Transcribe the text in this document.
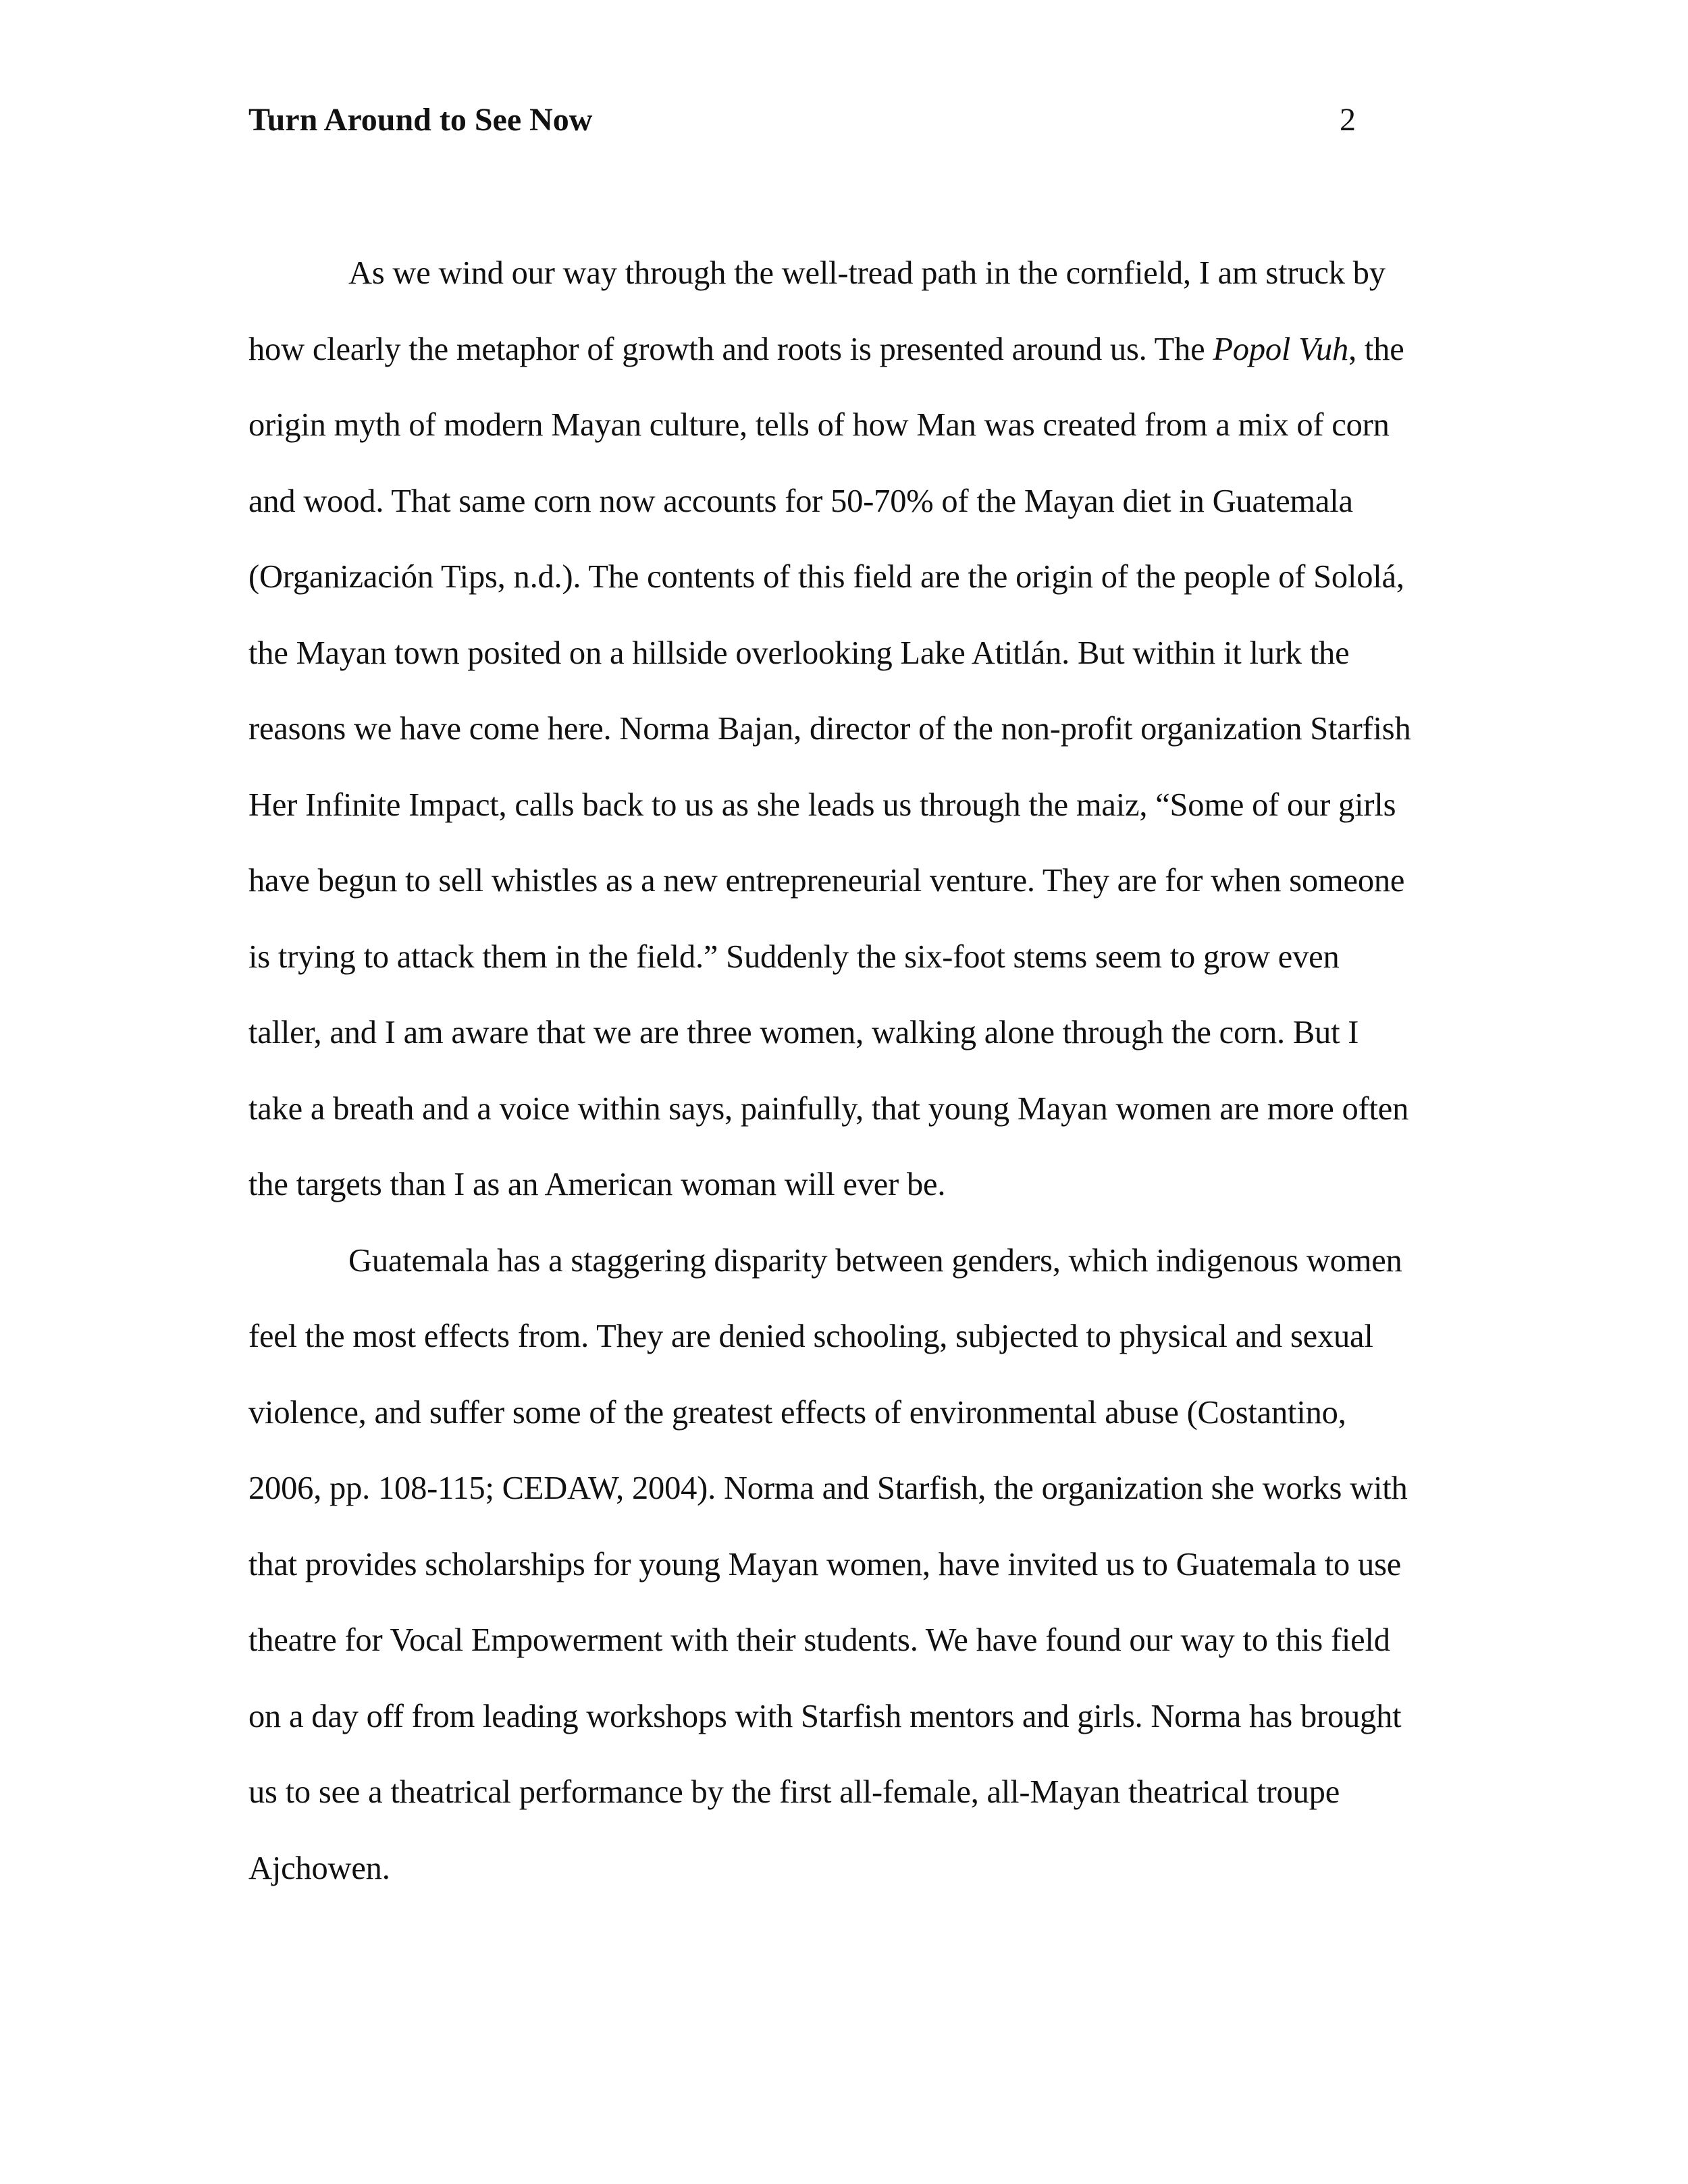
Turn Around to See Now	2
As we wind our way through the well-tread path in the cornfield, I am struck by
how clearly the metaphor of growth and roots is presented around us. The Popol Vuh, the
origin myth of modern Mayan culture, tells of how Man was created from a mix of corn
and wood. That same corn now accounts for 50-70% of the Mayan diet in Guatemala
(Organización Tips, n.d.). The contents of this field are the origin of the people of Sololá,
the Mayan town posited on a hillside overlooking Lake Atitlán. But within it lurk the
reasons we have come here. Norma Bajan, director of the non-profit organization Starfish
Her Infinite Impact, calls back to us as she leads us through the maiz, “Some of our girls
have begun to sell whistles as a new entrepreneurial venture. They are for when someone
is trying to attack them in the field.” Suddenly the six-foot stems seem to grow even
taller, and I am aware that we are three women, walking alone through the corn. But I
take a breath and a voice within says, painfully, that young Mayan women are more often
the targets than I as an American woman will ever be.
Guatemala has a staggering disparity between genders, which indigenous women
feel the most effects from. They are denied schooling, subjected to physical and sexual
violence, and suffer some of the greatest effects of environmental abuse (Costantino,
2006, pp. 108-115; CEDAW, 2004). Norma and Starfish, the organization she works with
that provides scholarships for young Mayan women, have invited us to Guatemala to use
theatre for Vocal Empowerment with their students. We have found our way to this field
on a day off from leading workshops with Starfish mentors and girls. Norma has brought
us to see a theatrical performance by the first all-female, all-Mayan theatrical troupe
Ajchowen.
